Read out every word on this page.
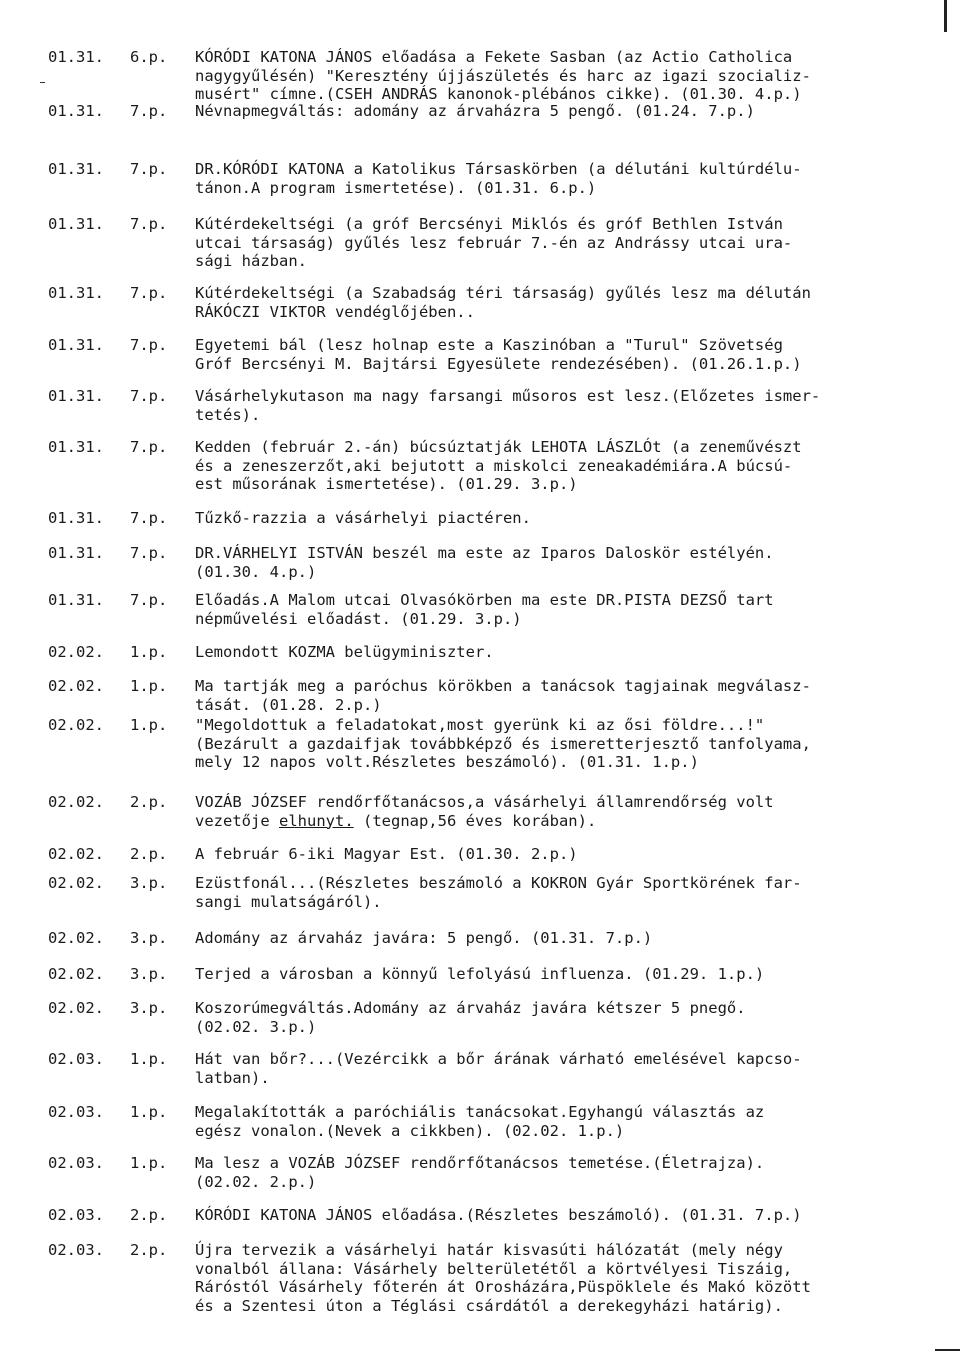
01.31. 6.p. KÓRÓDI KATONA JÁNOS előadása a Fekete Sasban (az Actio Catholica
nagygyűlésén) "Keresztény újjászületés és harc az igazi szocializ-
musért" címne.(CSEH ANDRÁS kanonok-plébános cikke). (01.30. 4.p.)
01.31. 7.p. Névnapmegváltás: adomány az árvaházra 5 pengő. (01.24. 7.p.)
01.31. 7.p. DR.KÓRÓDI KATONA a Katolikus Társaskörben (a délutáni kultúrdélu-
tánon.A program ismertetése). (01.31. 6.p.)
01.31. 7.p. Kútérdekeltségi (a gróf Bercsényi Miklós és gróf Bethlen István
utcai társaság) gyűlés lesz február 7.-én az Andrássy utcai ura-
sági házban.
01.31. 7.p. Kútérdekeltségi (a Szabadság téri társaság) gyűlés lesz ma délután
RÁKÓCZI VIKTOR vendéglőjében..
01.31. 7.p. Egyetemi bál (lesz holnap este a Kaszinóban a "Turul" Szövetség
Gróf Bercsényi M. Bajtársi Egyesülete rendezésében). (01.26.1.p.)
01.31. 7.p. Vásárhelykutason ma nagy farsangi műsoros est lesz.(Előzetes ismer-
tetés).
01.31. 7.p. Kedden (február 2.-án) búcsúztatják LEHOTA LÁSZLÓt (a zeneművészt
és a zeneszerzőt,aki bejutott a miskolci zeneakadémiára.A búcsú-
est műsorának ismertetése). (01.29. 3.p.)
01.31. 7.p. Tűzkő-razzia a vásárhelyi piactéren.
01.31. 7.p. DR.VÁRHELYI ISTVÁN beszél ma este az Iparos Daloskör estélyén.
(01.30. 4.p.)
01.31. 7.p. Előadás.A Malom utcai Olvasókörben ma este DR.PISTA DEZSŐ tart
népművelési előadást. (01.29. 3.p.)
02.02. 1.p. Lemondott KOZMA belügyminiszter.
02.02. 1.p. Ma tartják meg a paróchus körökben a tanácsok tagjainak megválasz-
tását. (01.28. 2.p.)
02.02. 1.p. "Megoldottuk a feladatokat,most gyerünk ki az ősi földre...!"
(Bezárult a gazdaifjak továbbképző és ismeretterjesztő tanfolyama,
mely 12 napos volt.Részletes beszámoló). (01.31. 1.p.)
02.02. 2.p. VOZÁB JÓZSEF rendőrfőtanácsos,a vásárhelyi államrendőrség volt
vezetője elhunyt. (tegnap,56 éves korában).
02.02. 2.p. A február 6-iki Magyar Est. (01.30. 2.p.)
02.02. 3.p. Ezüstfonál...(Részletes beszámoló a KOKRON Gyár Sportkörének far-
sangi mulatságáról).
02.02. 3.p. Adomány az árvaház javára: 5 pengő. (01.31. 7.p.)
02.02. 3.p. Terjed a városban a könnyű lefolyású influenza. (01.29. 1.p.)
02.02. 3.p. Koszorúmegváltás.Adomány az árvaház javára kétszer 5 pnegő.
(02.02. 3.p.)
02.03. 1.p. Hát van bőr?...(Vezércikk a bőr árának várható emelésével kapcso-
latban).
02.03. 1.p. Megalakították a paróchiális tanácsokat.Egyhangú választás az
egész vonalon.(Nevek a cikkben). (02.02. 1.p.)
02.03. 1.p. Ma lesz a VOZÁB JÓZSEF rendőrfőtanácsos temetése.(Életrajza).
(02.02. 2.p.)
02.03. 2.p. KÓRÓDI KATONA JÁNOS előadása.(Részletes beszámoló). (01.31. 7.p.)
02.03. 2.p. Újra tervezik a vásárhelyi határ kisvasúti hálózatát (mely négy
vonalból állana: Vásárhely belterületétől a körtvélyesi Tiszáig,
Ráróstól Vásárhely főterén át Orosházára,Püspöklele és Makó között
és a Szentesi úton a Téglási csárdától a derekegyházi határig).
